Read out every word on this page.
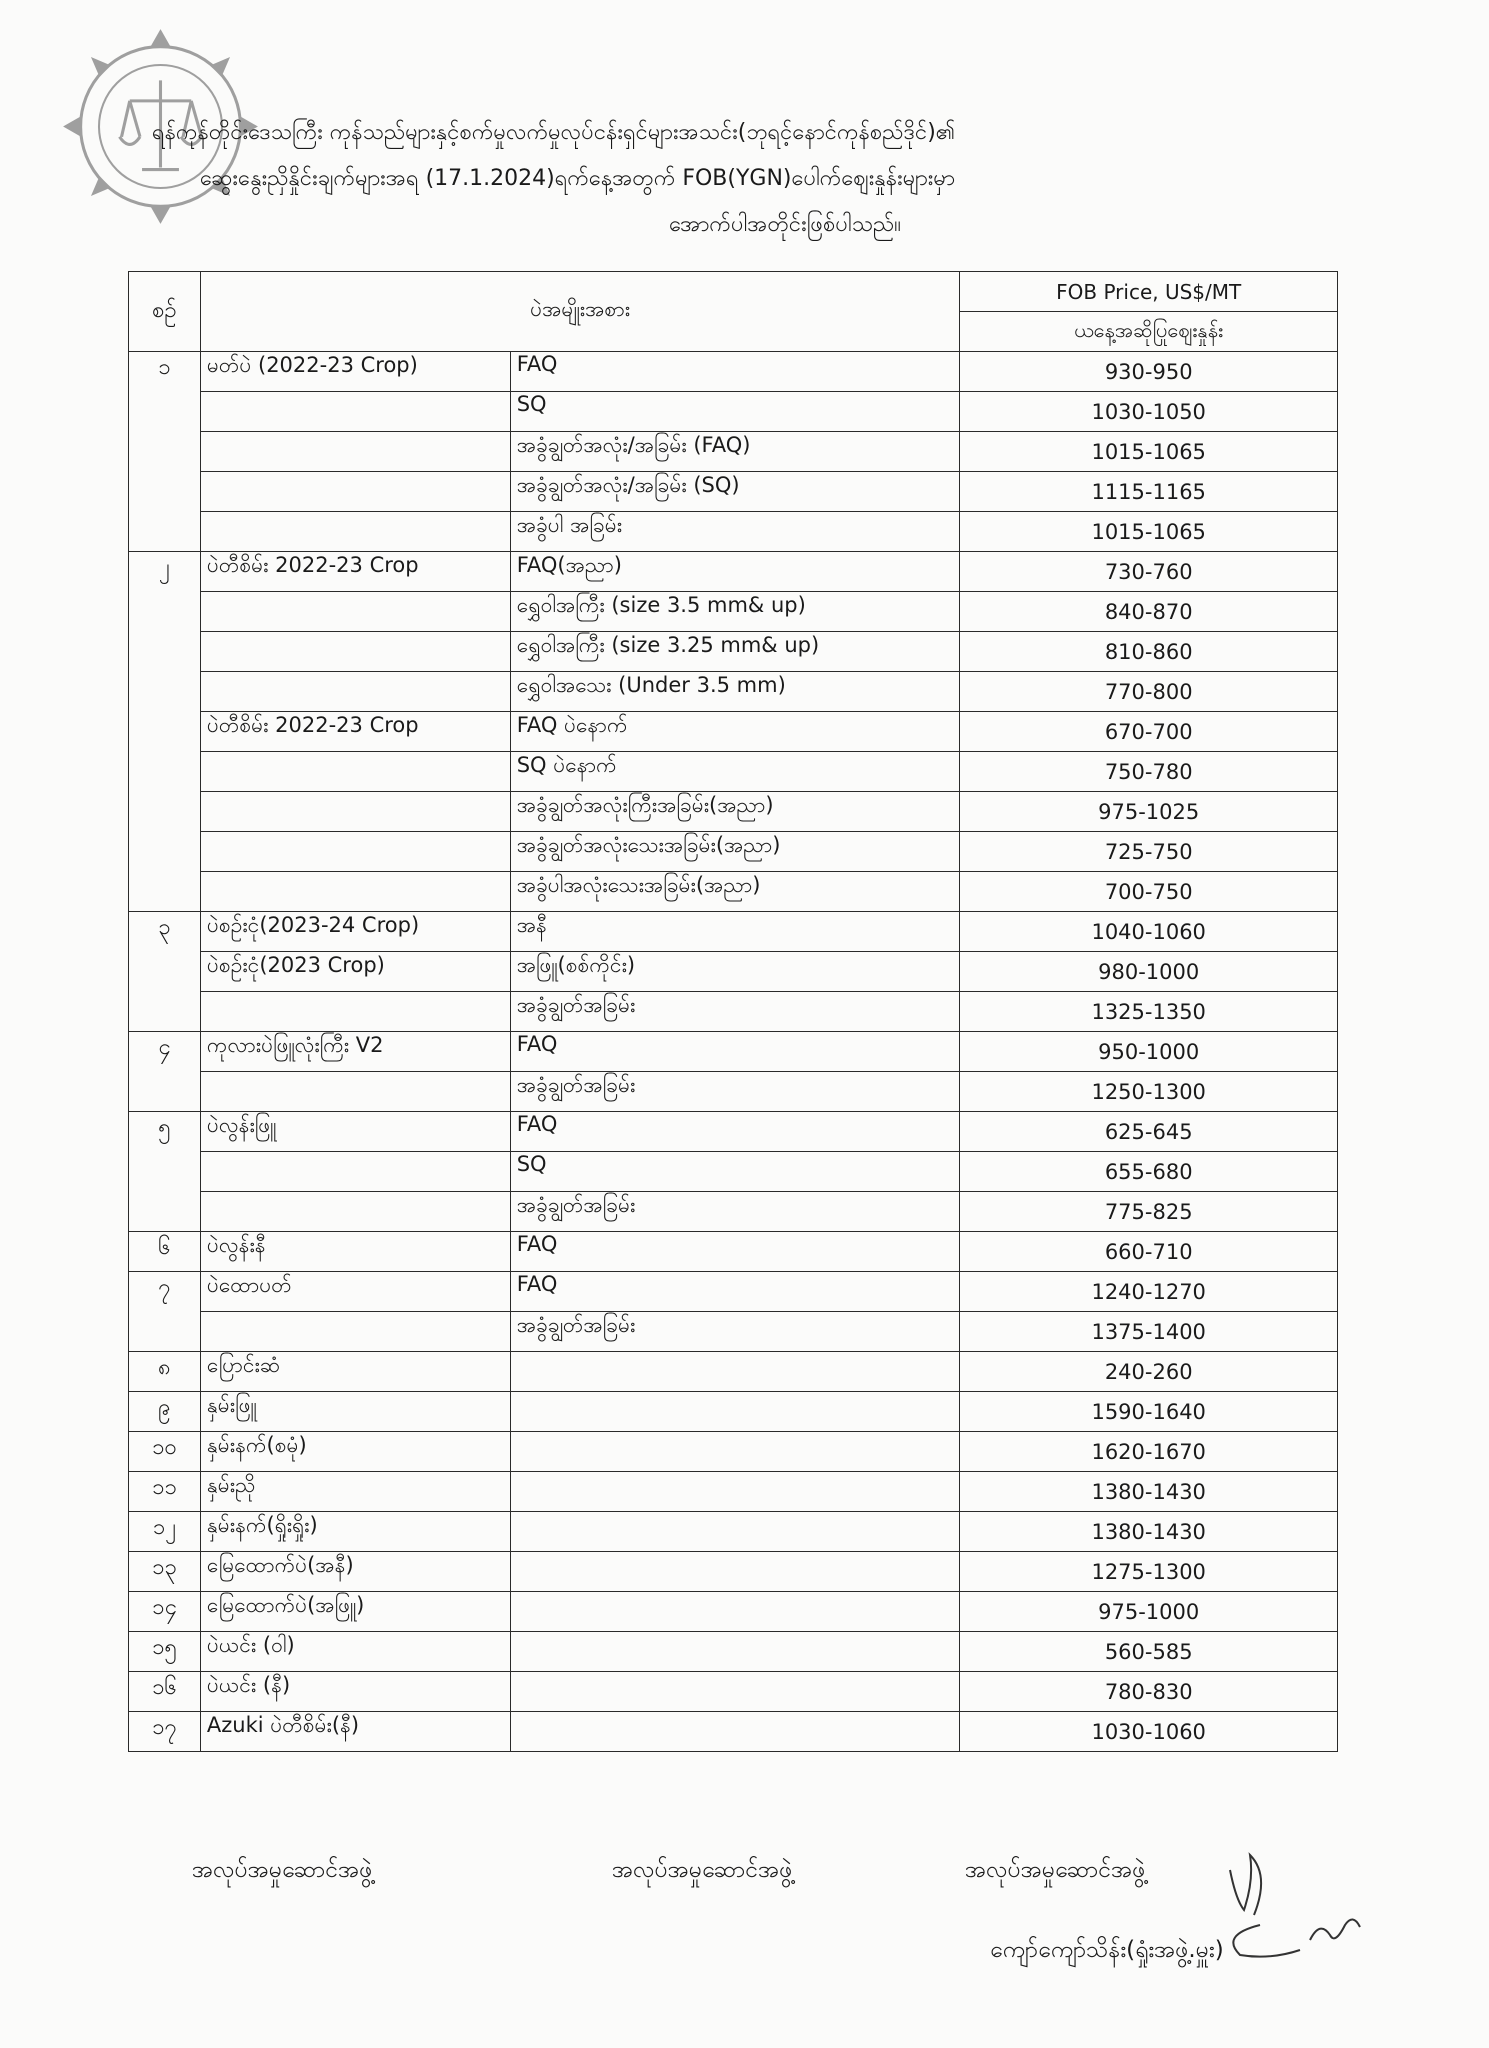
ရန်ကုန်တိုင်းဒေသကြီး ကုန်သည်များနှင့်စက်မှုလက်မှုလုပ်ငန်းရှင်များအသင်း(ဘုရင့်နောင်ကုန်စည်ဒိုင်)၏
ဆွေးနွေးညှိနှိုင်းချက်များအရ (17.1.2024)ရက်နေ့အတွက် FOB(YGN)ပေါက်ဈေးနှုန်းများမှာ
အောက်ပါအတိုင်းဖြစ်ပါသည်။
စဉ်	ပဲအမျိုးအစား		FOB Price, US$/MT
			ယနေ့အဆိုပြုဈေးနှုန်း
၁	မတ်ပဲ (2022-23 Crop)	FAQ	930-950
		SQ	1030-1050
		အခွံချွတ်အလုံး/အခြမ်း (FAQ)	1015-1065
		အခွံချွတ်အလုံး/အခြမ်း (SQ)	1115-1165
		အခွံပါ အခြမ်း	1015-1065
၂	ပဲတီစိမ်း 2022-23 Crop	FAQ(အညာ)	730-760
		ရွှေဝါအကြီး (size 3.5 mm& up)	840-870
		ရွှေဝါအကြီး (size 3.25 mm& up)	810-860
		ရွှေဝါအသေး (Under 3.5 mm)	770-800
	ပဲတီစိမ်း 2022-23 Crop	FAQ ပဲနောက်	670-700
		SQ ပဲနောက်	750-780
		အခွံချွတ်အလုံးကြီးအခြမ်း(အညာ)	975-1025
		အခွံချွတ်အလုံးသေးအခြမ်း(အညာ)	725-750
		အခွံပါအလုံးသေးအခြမ်း(အညာ)	700-750
၃	ပဲစဉ်းငုံ(2023-24 Crop)	အနီ	1040-1060
	ပဲစဉ်းငုံ(2023 Crop)	အဖြူ(စစ်ကိုင်း)	980-1000
		အခွံချွတ်အခြမ်း	1325-1350
၄	ကုလားပဲဖြူလုံးကြီး V2	FAQ	950-1000
		အခွံချွတ်အခြမ်း	1250-1300
၅	ပဲလွန်းဖြူ	FAQ	625-645
		SQ	655-680
		အခွံချွတ်အခြမ်း	775-825
၆	ပဲလွန်းနီ	FAQ	660-710
၇	ပဲထောပတ်	FAQ	1240-1270
		အခွံချွတ်အခြမ်း	1375-1400
၈	ပြောင်းဆံ		240-260
၉	နှမ်းဖြူ		1590-1640
၁၀	နှမ်းနက်(စမုံ)		1620-1670
၁၁	နှမ်းညို		1380-1430
၁၂	နှမ်းနက်(ရှိုးရှိုး)		1380-1430
၁၃	မြေထောက်ပဲ(အနီ)		1275-1300
၁၄	မြေထောက်ပဲ(အဖြူ)		975-1000
၁၅	ပဲယင်း (ဝါ)		560-585
၁၆	ပဲယင်း (နီ)		780-830
၁၇	Azuki ပဲတီစိမ်း(နီ)		1030-1060
အလုပ်အမှုဆောင်အဖွဲ့	အလုပ်အမှုဆောင်အဖွဲ့	အလုပ်အမှုဆောင်အဖွဲ့
ကျော်ကျော်သိန်း(ရှုံးအဖွဲ့.မှူး)
